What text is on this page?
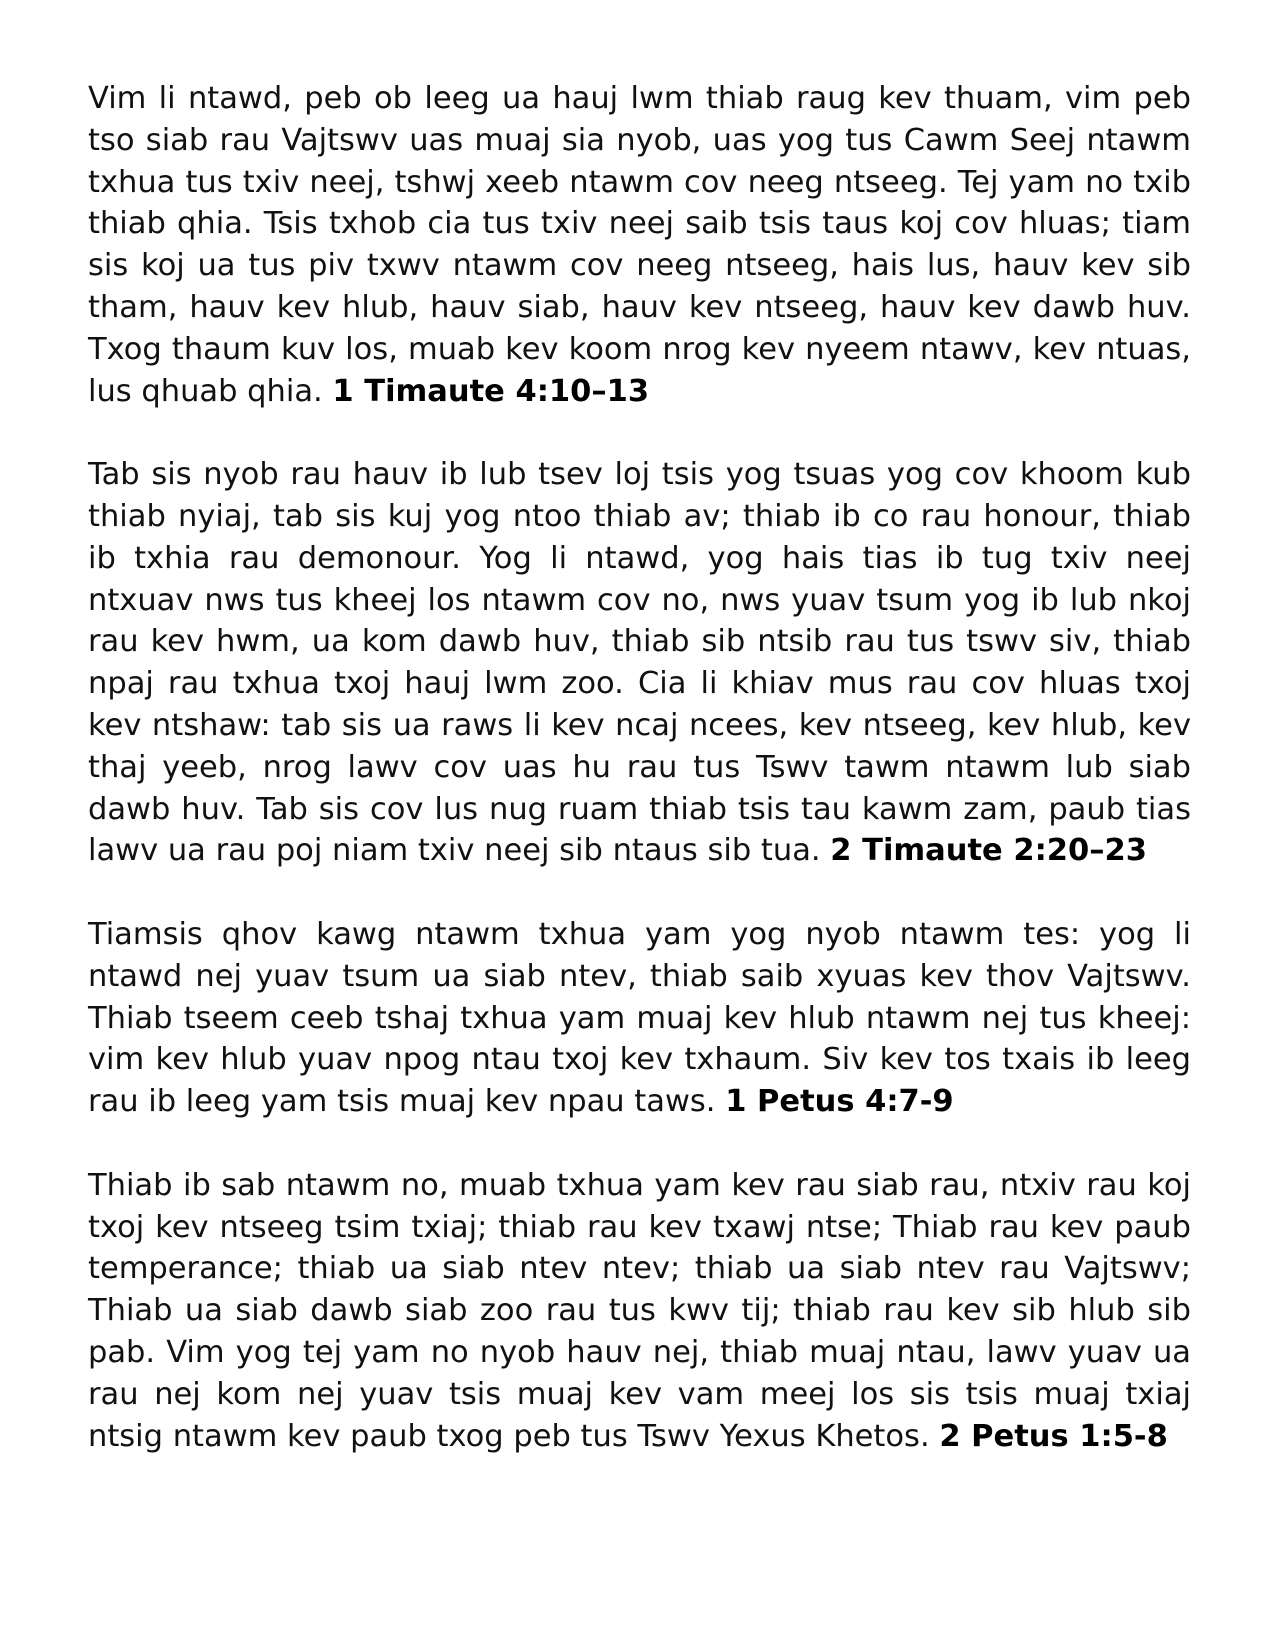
Vim li ntawd, peb ob leeg ua hauj lwm thiab raug kev thuam, vim peb tso siab rau Vajtswv uas muaj sia nyob, uas yog tus Cawm Seej ntawm txhua tus txiv neej, tshwj xeeb ntawm cov neeg ntseeg. Tej yam no txib thiab qhia. Tsis txhob cia tus txiv neej saib tsis taus koj cov hluas; tiam sis koj ua tus piv txwv ntawm cov neeg ntseeg, hais lus, hauv kev sib tham, hauv kev hlub, hauv siab, hauv kev ntseeg, hauv kev dawb huv. Txog thaum kuv los, muab kev koom nrog kev nyeem ntawv, kev ntuas, lus qhuab qhia. 1 Timaute 4:10–13

Tab sis nyob rau hauv ib lub tsev loj tsis yog tsuas yog cov khoom kub thiab nyiaj, tab sis kuj yog ntoo thiab av; thiab ib co rau honour, thiab ib txhia rau demonour. Yog li ntawd, yog hais tias ib tug txiv neej ntxuav nws tus kheej los ntawm cov no, nws yuav tsum yog ib lub nkoj rau kev hwm, ua kom dawb huv, thiab sib ntsib rau tus tswv siv, thiab npaj rau txhua txoj hauj lwm zoo. Cia li khiav mus rau cov hluas txoj kev ntshaw: tab sis ua raws li kev ncaj ncees, kev ntseeg, kev hlub, kev thaj yeeb, nrog lawv cov uas hu rau tus Tswv tawm ntawm lub siab dawb huv. Tab sis cov lus nug ruam thiab tsis tau kawm zam, paub tias lawv ua rau poj niam txiv neej sib ntaus sib tua. 2 Timaute 2:20–23

Tiamsis qhov kawg ntawm txhua yam yog nyob ntawm tes: yog li ntawd nej yuav tsum ua siab ntev, thiab saib xyuas kev thov Vajtswv. Thiab tseem ceeb tshaj txhua yam muaj kev hlub ntawm nej tus kheej: vim kev hlub yuav npog ntau txoj kev txhaum. Siv kev tos txais ib leeg rau ib leeg yam tsis muaj kev npau taws. 1 Petus 4:7-9

Thiab ib sab ntawm no, muab txhua yam kev rau siab rau, ntxiv rau koj txoj kev ntseeg tsim txiaj; thiab rau kev txawj ntse; Thiab rau kev paub temperance; thiab ua siab ntev ntev; thiab ua siab ntev rau Vajtswv; Thiab ua siab dawb siab zoo rau tus kwv tij; thiab rau kev sib hlub sib pab. Vim yog tej yam no nyob hauv nej, thiab muaj ntau, lawv yuav ua rau nej kom nej yuav tsis muaj kev vam meej los sis tsis muaj txiaj ntsig ntawm kev paub txog peb tus Tswv Yexus Khetos. 2 Petus 1:5-8
